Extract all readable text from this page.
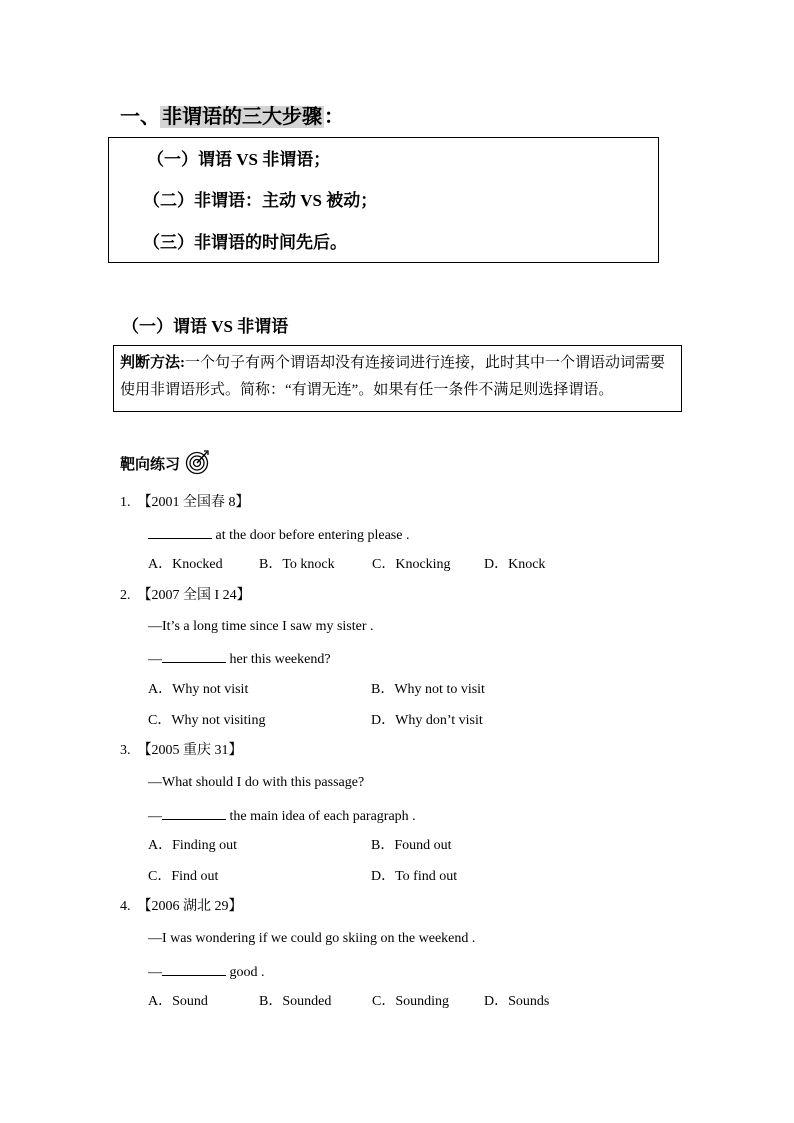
一、 非谓语的三大步骤 ：
（一）谓语 VS 非谓语；
（二）非谓语：主动 VS 被动；
（三）非谓语的时间先后。
（一）谓语 VS 非谓语
判断方法:一个句子有两个谓语却没有连接词进行连接，此时其中一个谓语动词需要使用非谓语形式。简称：“有谓无连”。如果有任一条件不满足则选择谓语。
靶向练习
1. 【2001 全国春 8】
at the door before entering please .
A．Knocked	B．To knock	C．Knocking D．Knock
2. 【2007 全国 I 24】
—It’s a long time since I saw my sister .
—	her this weekend?
A．Why not visit	B．Why not to visit
C．Why not visiting	D．Why don’t visit
3. 【2005 重庆 31】
—What should I do with this passage?
—	the main idea of each paragraph .
A．Finding out	B．Found out
C．Find out	D．To find out
4. 【2006 湖北 29】
—I was wondering if we could go skiing on the weekend .
—	good .
A．Sound	B．Sounded	C．Sounding D．Sounds
